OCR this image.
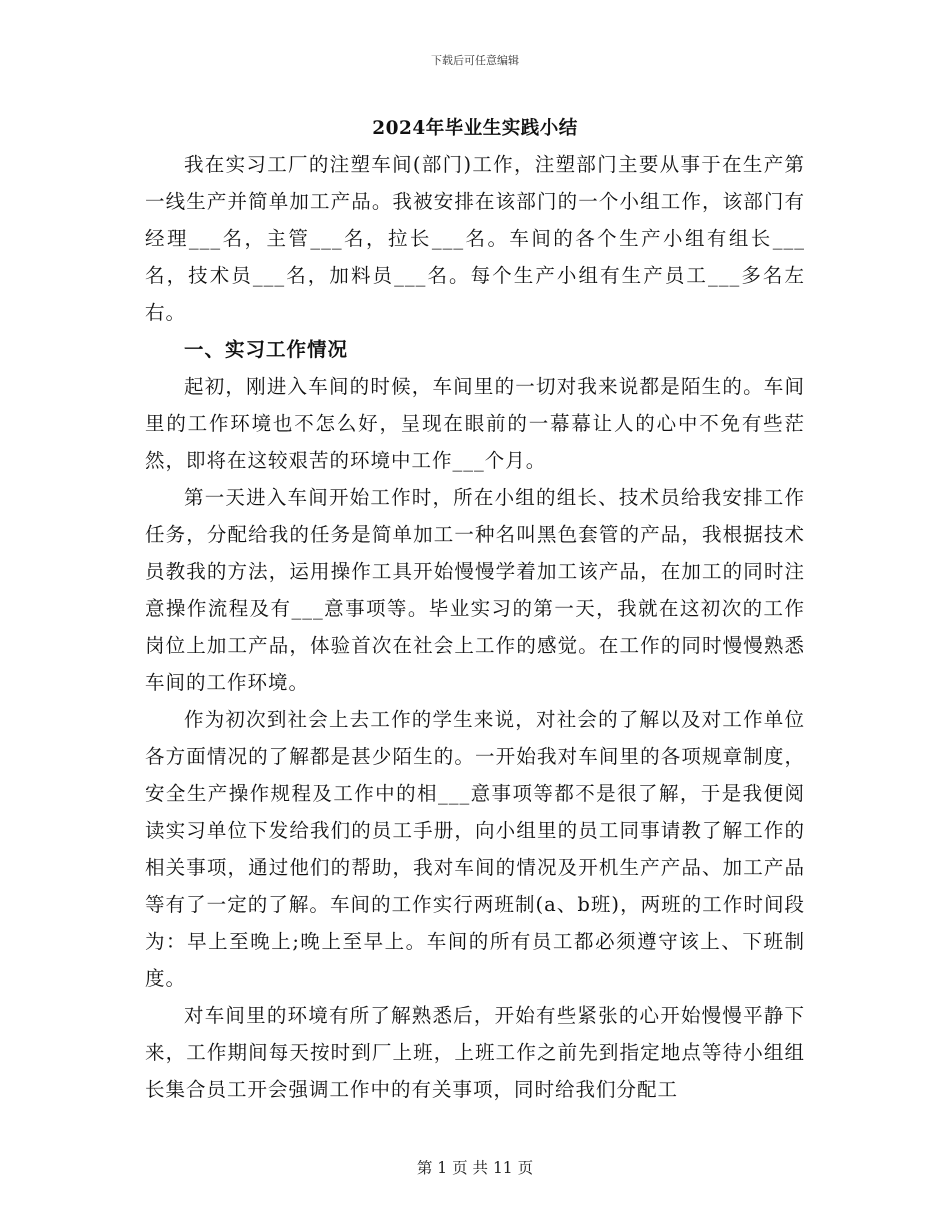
下载后可任意编辑
2024年毕业生实践小结

我在实习工厂的注塑车间(部门)工作，注塑部门主要从事于在生产第一线生产并简单加工产品。我被安排在该部门的一个小组工作，该部门有经理___名，主管___名，拉长___名。车间的各个生产小组有组长___名，技术员___名，加料员___名。每个生产小组有生产员工___多名左右。

一、实习工作情况

起初，刚进入车间的时候，车间里的一切对我来说都是陌生的。车间里的工作环境也不怎么好，呈现在眼前的一幕幕让人的心中不免有些茫然，即将在这较艰苦的环境中工作___个月。

第一天进入车间开始工作时，所在小组的组长、技术员给我安排工作任务，分配给我的任务是简单加工一种名叫黑色套管的产品，我根据技术员教我的方法，运用操作工具开始慢慢学着加工该产品，在加工的同时注意操作流程及有___意事项等。毕业实习的第一天，我就在这初次的工作岗位上加工产品，体验首次在社会上工作的感觉。在工作的同时慢慢熟悉车间的工作环境。

作为初次到社会上去工作的学生来说，对社会的了解以及对工作单位各方面情况的了解都是甚少陌生的。一开始我对车间里的各项规章制度，安全生产操作规程及工作中的相___意事项等都不是很了解，于是我便阅读实习单位下发给我们的员工手册，向小组里的员工同事请教了解工作的相关事项，通过他们的帮助，我对车间的情况及开机生产产品、加工产品等有了一定的了解。车间的工作实行两班制(a、b班)，两班的工作时间段为：早上至晚上;晚上至早上。车间的所有员工都必须遵守该上、下班制度。

对车间里的环境有所了解熟悉后，开始有些紧张的心开始慢慢平静下来，工作期间每天按时到厂上班，上班工作之前先到指定地点等待小组组长集合员工开会强调工作中的有关事项，同时给我们分配工

第 1 页 共 11 页
